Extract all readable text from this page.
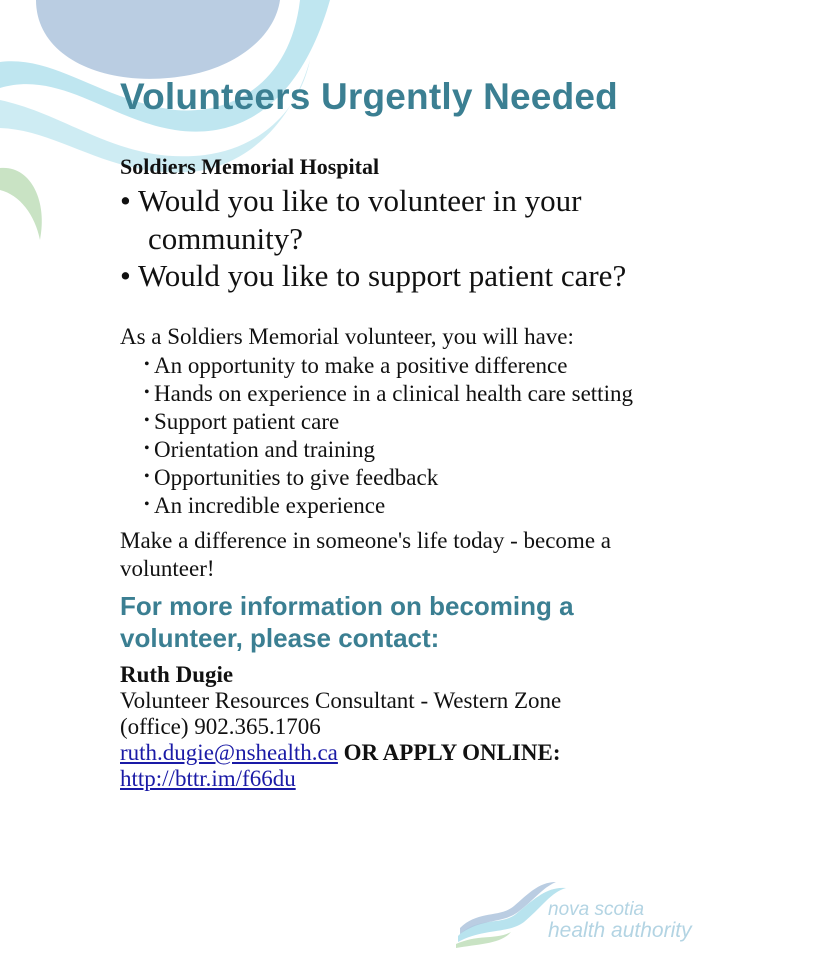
Volunteers Urgently Needed
Soldiers Memorial Hospital
• Would you like to volunteer in your community?
• Would you like to support patient care?
As a Soldiers Memorial volunteer, you will have:
• An opportunity to make a positive difference
• Hands on experience in a clinical health care setting
• Support patient care
• Orientation and training
• Opportunities to give feedback
• An incredible experience
Make a difference in someone's life today - become a volunteer!
For more information on becoming a volunteer, please contact:
Ruth Dugie
Volunteer Resources Consultant - Western Zone
(office) 902.365.1706
ruth.dugie@nshealth.ca OR APPLY ONLINE:
http://bttr.im/f66du
nova scotia
health authority
